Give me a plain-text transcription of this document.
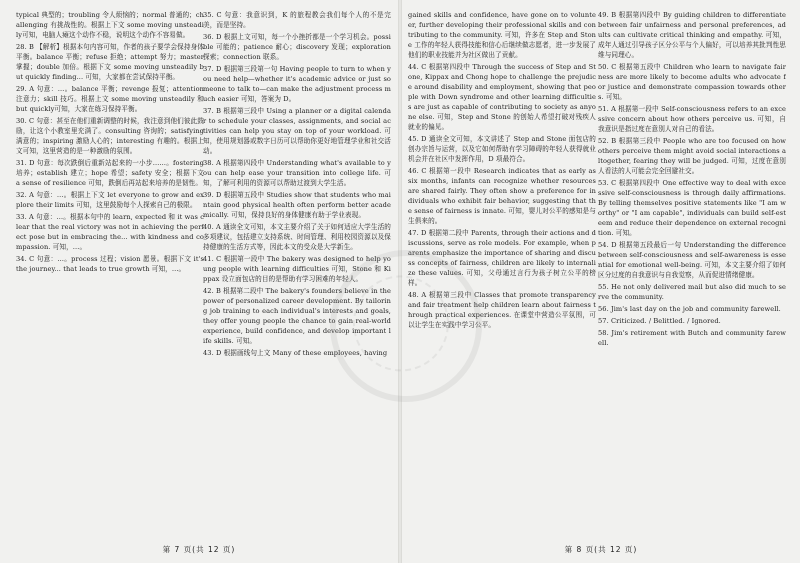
typical 典型的；troubling 令人烦恼的；normal 普通的；challenging 有挑战性的。根据上下文 some moving unsteadily可知，电脑人瘫这个动作不稳，说明这个动作不容易做。

28. B 【解析】根据本句内容可知，作者的孩子要学会保持身体平衡。balance 平衡；refuse 拒绝；attempt 努力；master 掌握；double 加倍。根据下文 some moving unsteadily but quickly finding... 可知，大家都在尝试保持平衡。

29. A 句意：…。balance 平衡；revenge 报复；attention 注意力；skill 技巧。根据上文 some moving unsteadily 和 but quickly可知，大家在练习保持平衡。

30. C 句意：甚至在他们重新调整的时候，我注意到他们彼此鼓励，让这个小教室里充满了。consulting 咨询的；satisfying 满意的；inspiring 激励人心的；interesting 有趣的。根据上文可知，这里营造的是一种激励的氛围。

31. D 句意：每次跌倒后重新站起来的一小步……。fostering 培养；establish 建立；hope 希望；safety 安全；根据下文 a sense of resilience 可知，跌倒后再站起来培养的是韧性。

32. A 句意：…。根据上下文 let everyone to grow and explore their limits 可知，这里鼓励每个人探索自己的极限。

33. A 句意：…。根据本句中的 learn, expected 和 it was clear that the real victory was not in achieving the perfect pose but in embracing the... with kindness and compassion. 可知，…。

34. C 句意：…。process 过程；vision 愿景。根据下文 it's the journey... that leads to true growth 可知，…。

35. C 句意：我意识到，K 的旅程教会我们每个人的不是完美，而是坚持。

36. D 根据上文可知，每一个小挫折都是一个学习机会。possible 可能的；patience 耐心；discovery 发现；exploration 探索；connection 联系。

37. D 根据第三段第一句 Having people to turn to when you need help—whether it's academic advice or just someone to talk to—can make the adjustment process much easier 可知，答案为 D。

37. B 根据第三段中 Using a planner or a digital calendar to schedule your classes, assignments, and social activities can help you stay on top of your workload. 可知，使用规划器或数字日历可以帮助你更好地管理学业和社交活动。

38. A 根据第四段中 Understanding what's available to you can help ease your transition into college life. 可知，了解可利用的资源可以帮助过渡到大学生活。

39. D 根据第五段中 Studies show that students who maintain good physical health often perform better academically. 可知，保持良好的身体健康有助于学业表现。

40. A 通读全文可知，本文主要介绍了关于如何适应大学生活的多项建议，包括建立支持系统、时间管理、利用校园资源以及保持健康的生活方式等，因此本文的受众是大学新生。

41. C 根据第一段中 The bakery was designed to help young people with learning difficulties 可知，Stone 和 Kippax 设立面包店的目的是帮助有学习困难的年轻人。

42. B 根据第二段中 The bakery's founders believe in the power of personalized career development. By tailoring job training to each individual's interests and goals, they offer young people the chance to gain real-world experience, build confidence, and develop important life skills. 可知。

43. D 根据画线句上文 Many of these employees, having

第 7 页(共 12 页)

gained skills and confidence, have gone on to volunteer, further developing their professional skills and contributing to the community. 可知，许多在 Step and Stone 工作的年轻人获得技能和信心后继续做志愿者，进一步发展了他们的职业技能并为社区做出了贡献。

44. C 根据第四段中 Through the success of Step and Stone, Kippax and Chong hope to challenge the prejudice around disability and employment, showing that people with Down syndrome and other learning difficulties are just as capable of contributing to society as anyone else. 可知，Step and Stone 的创始人希望打破对残疾人就业的偏见。

45. D 通读全文可知，本文讲述了 Step and Stone 面包店的创办宗旨与运营，以及它如何帮助有学习障碍的年轻人获得就业机会并在社区中发挥作用，D 项最符合。

46. C 根据第一段中 Research indicates that as early as six months, infants can recognize whether resources are shared fairly. They often show a preference for individuals who exhibit fair behavior, suggesting that the sense of fairness is innate. 可知，婴儿对公平的感知是与生俱来的。

47. D 根据第二段中 Parents, through their actions and discussions, serve as role models. For example, when parents emphasize the importance of sharing and discuss concepts of fairness, children are likely to internalize these values. 可知，父母通过言行为孩子树立公平的榜样。

48. A 根据第三段中 Classes that promote transparency and fair treatment help children learn about fairness through practical experiences. 在课堂中营造公平氛围，可以让学生在实践中学习公平。

49. B 根据第四段中 By guiding children to differentiate between fair unfairness and personal preferences, adults can cultivate critical thinking and empathy. 可知，成年人通过引导孩子区分公平与个人偏好，可以培养其批判性思维与同理心。

50. C 根据第五段中 Children who learn to navigate fairness are more likely to become adults who advocate for justice and demonstrate compassion towards others. 可知。

51. A 根据第一段中 Self-consciousness refers to an excessive concern about how others perceive us. 可知，自我意识是指过度在意别人对自己的看法。

52. B 根据第三段中 People who are too focused on how others perceive them might avoid social interactions altogether, fearing they will be judged. 可知，过度在意别人看法的人可能会完全回避社交。

53. C 根据第四段中 One effective way to deal with excessive self-consciousness is through daily affirmations. By telling themselves positive statements like "I am worthy" or "I am capable", individuals can build self-esteem and reduce their dependence on external recognition. 可知。

54. D 根据第五段最后一句 Understanding the difference between self-consciousness and self-awareness is essential for emotional well-being. 可知，本文主要介绍了如何区分过度的自我意识与自我觉察，从而促进情绪健康。

55. He not only delivered mail but also did much to serve the community.

56. Jim's last day on the job and community farewell.

57. Criticized. / Belittled. / Ignored.

58. Jim's retirement with Butch and community farewell.

第 8 页(共 12 页)
